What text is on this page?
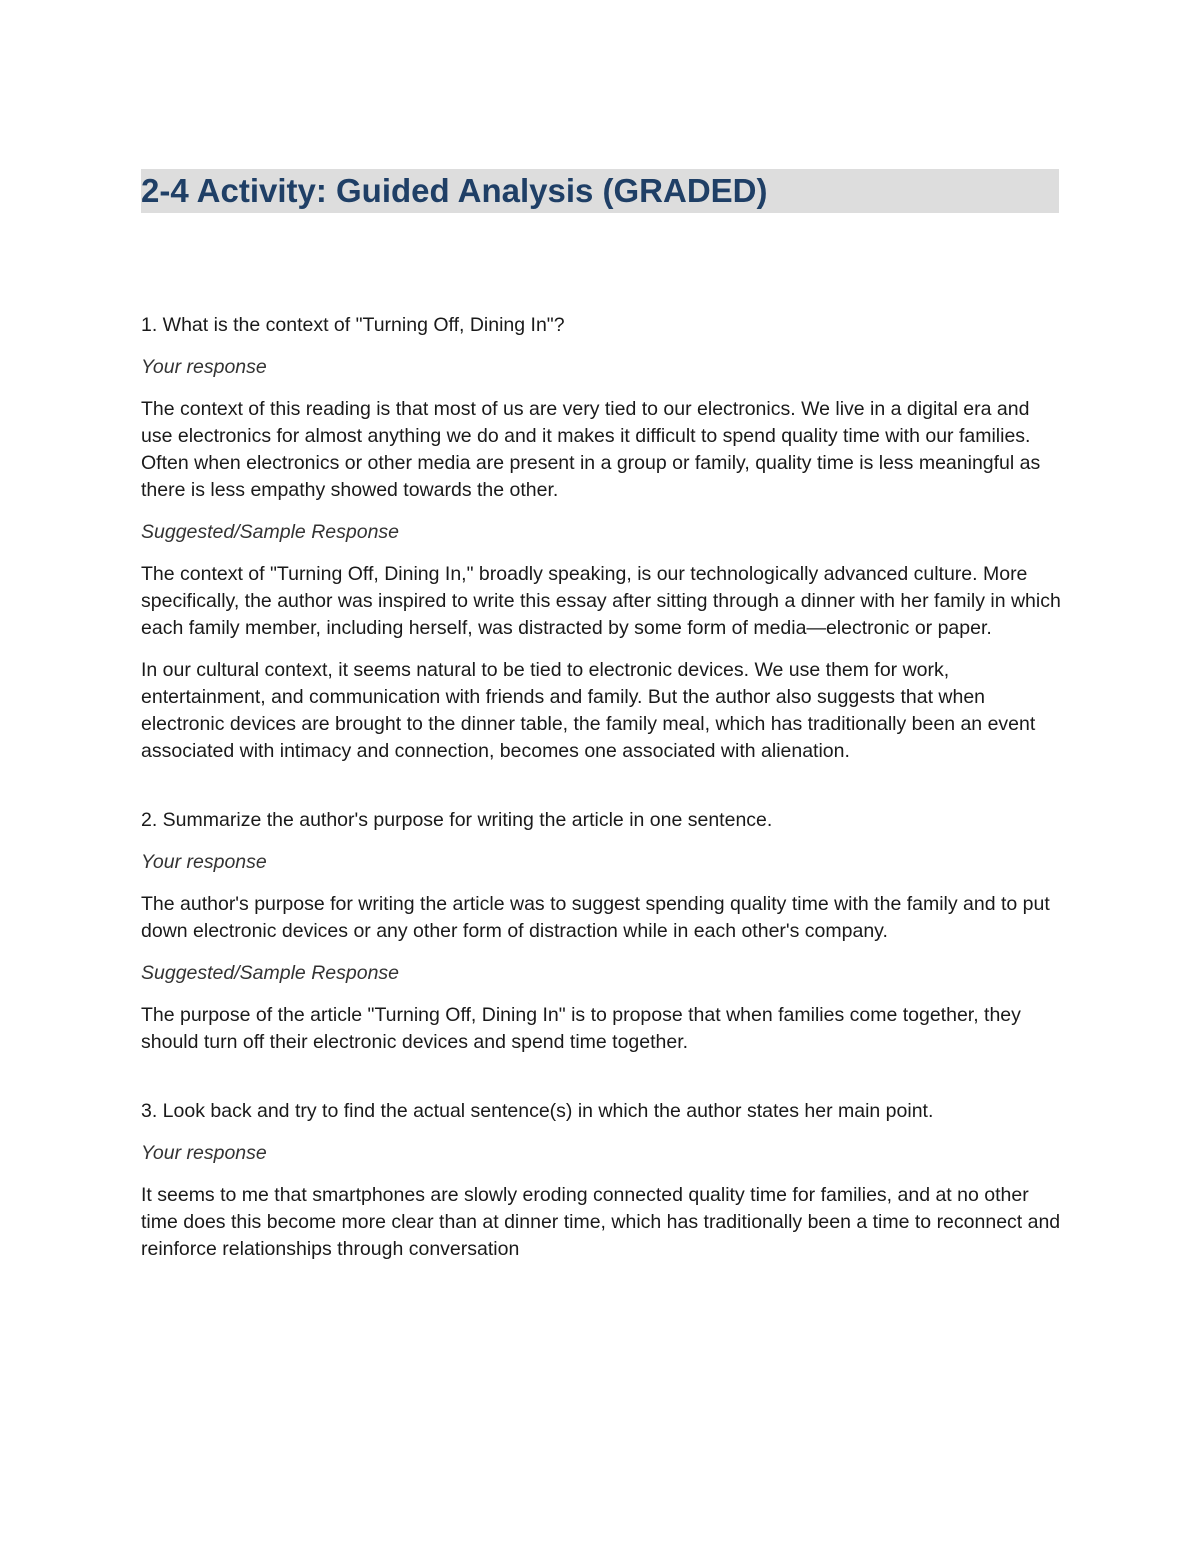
2-4 Activity: Guided Analysis (GRADED)

1. What is the context of "Turning Off, Dining In"?

Your response

The context of this reading is that most of us are very tied to our electronics. We live in a digital era and use electronics for almost anything we do and it makes it difficult to spend quality time with our families. Often when electronics or other media are present in a group or family, quality time is less meaningful as there is less empathy showed towards the other.

Suggested/Sample Response

The context of "Turning Off, Dining In," broadly speaking, is our technologically advanced culture. More specifically, the author was inspired to write this essay after sitting through a dinner with her family in which each family member, including herself, was distracted by some form of media—electronic or paper.

In our cultural context, it seems natural to be tied to electronic devices. We use them for work, entertainment, and communication with friends and family. But the author also suggests that when electronic devices are brought to the dinner table, the family meal, which has traditionally been an event associated with intimacy and connection, becomes one associated with alienation.

2. Summarize the author's purpose for writing the article in one sentence.

Your response

The author's purpose for writing the article was to suggest spending quality time with the family and to put down electronic devices or any other form of distraction while in each other's company.

Suggested/Sample Response

The purpose of the article "Turning Off, Dining In" is to propose that when families come together, they should turn off their electronic devices and spend time together.

3. Look back and try to find the actual sentence(s) in which the author states her main point.

Your response

It seems to me that smartphones are slowly eroding connected quality time for families, and at no other time does this become more clear than at dinner time, which has traditionally been a time to reconnect and reinforce relationships through conversation
